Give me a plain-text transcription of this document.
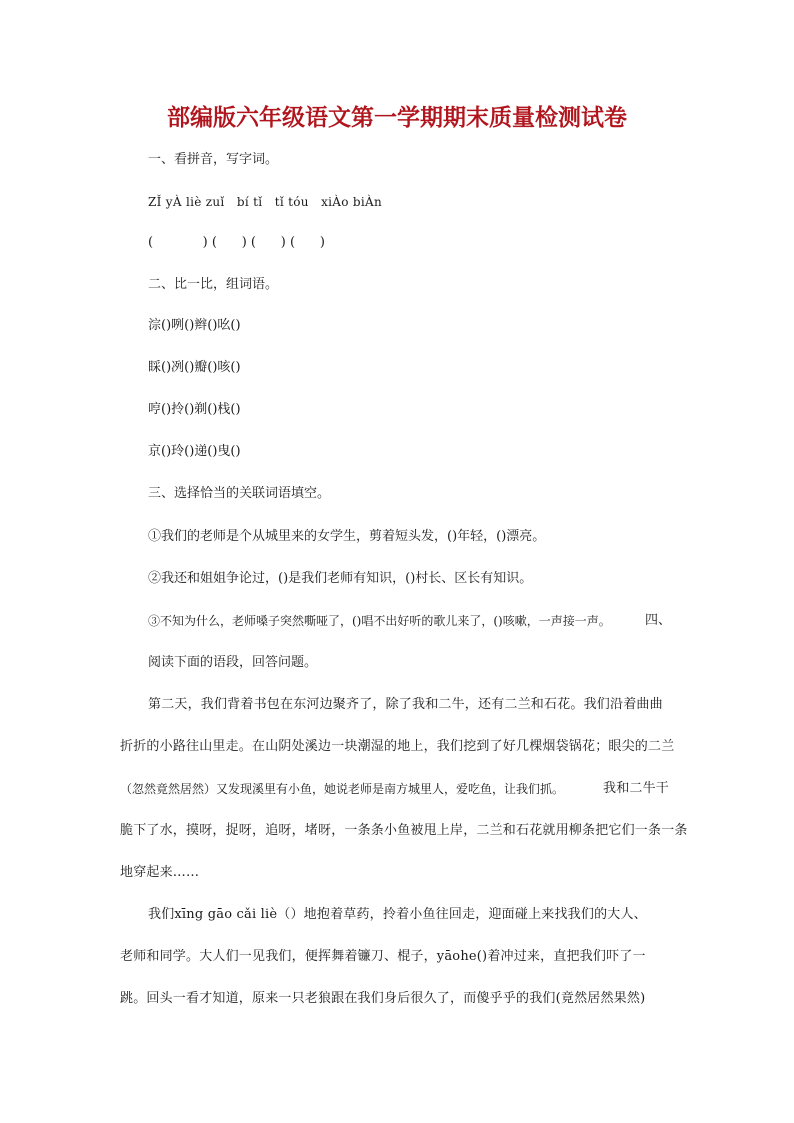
部编版六年级语文第一学期期末质量检测试卷
一、看拼音，写字词。
ZǏ yÀ liè zuǐ   bí tǐ   tǐ tóu   xiÀo biÀn
(            ) (      ) (      ) (      )
二、比一比，组词语。
淙()咧()辫()吆()
睬()冽()瓣()咳()
哼()拎()剃()栈()
京()玲()递()曳()
三、选择恰当的关联词语填空。
①我们的老师是个从城里来的女学生，剪着短头发，()年轻，()漂亮。
②我还和姐姐争论过，()是我们老师有知识，()村长、区长有知识。
③不知为什么，老师嗓子突然嘶哑了，()唱不出好听的歌儿来了，()咳嗽，一声接一声。	四、
阅读下面的语段，回答问题。
第二天，我们背着书包在东河边聚齐了，除了我和二牛，还有二兰和石花。我们沿着曲曲
折折的小路往山里走。在山阴处溪边一块潮湿的地上，我们挖到了好几棵烟袋锅花；眼尖的二兰
（忽然竟然居然）又发现溪里有小鱼，她说老师是南方城里人，爱吃鱼，让我们抓。	我和二牛干
脆下了水，摸呀，捉呀，追呀，堵呀，一条条小鱼被甩上岸，二兰和石花就用柳条把它们一条一条
地穿起来……
我们xīng gāo cǎi liè（）地抱着草药，拎着小鱼往回走，迎面碰上来找我们的大人、
老师和同学。大人们一见我们，便挥舞着镰刀、棍子，yāohe()着冲过来，直把我们吓了一
跳。回头一看才知道，原来一只老狼跟在我们身后很久了，而傻乎乎的我们(竟然居然果然)
